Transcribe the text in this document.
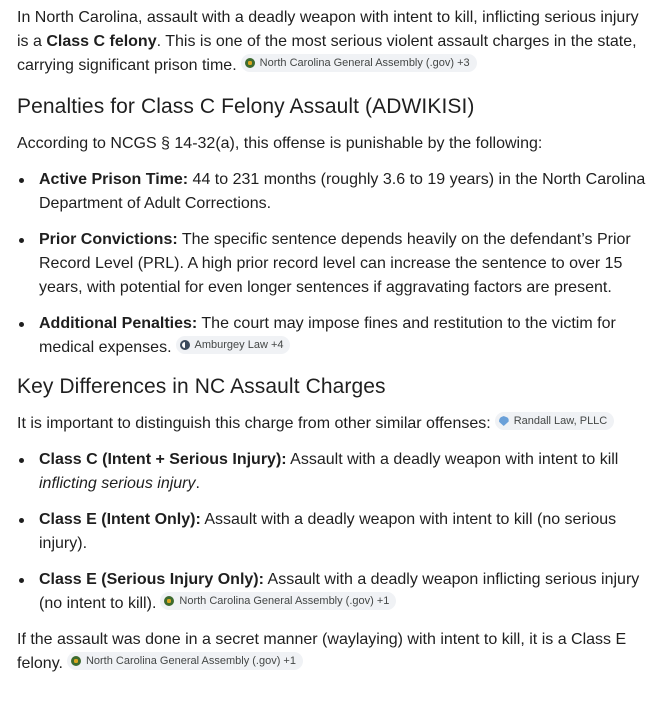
In North Carolina, assault with a deadly weapon with intent to kill, inflicting serious injury is a Class C felony. This is one of the most serious violent assault charges in the state, carrying significant prison time. North Carolina General Assembly (.gov) +3

Penalties for Class C Felony Assault (ADWIKISI)

According to NCGS § 14-32(a), this offense is punishable by the following:

Active Prison Time: 44 to 231 months (roughly 3.6 to 19 years) in the North Carolina Department of Adult Corrections.
Prior Convictions: The specific sentence depends heavily on the defendant’s Prior Record Level (PRL). A high prior record level can increase the sentence to over 15 years, with potential for even longer sentences if aggravating factors are present.
Additional Penalties: The court may impose fines and restitution to the victim for medical expenses. Amburgey Law +4
Key Differences in NC Assault Charges

It is important to distinguish this charge from other similar offenses: Randall Law, PLLC

Class C (Intent + Serious Injury): Assault with a deadly weapon with intent to kill inflicting serious injury.
Class E (Intent Only): Assault with a deadly weapon with intent to kill (no serious injury).
Class E (Serious Injury Only): Assault with a deadly weapon inflicting serious injury (no intent to kill). North Carolina General Assembly (.gov) +1

If the assault was done in a secret manner (waylaying) with intent to kill, it is a Class E felony. North Carolina General Assembly (.gov) +1
